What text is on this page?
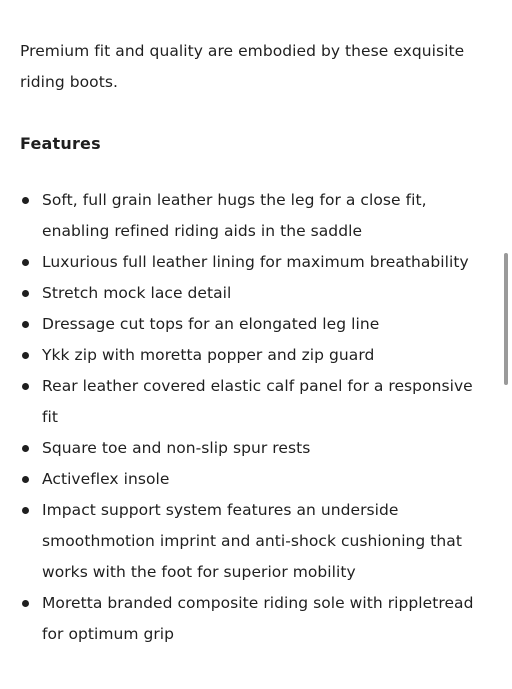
Premium fit and quality are embodied by these exquisite riding boots.

Features
Soft, full grain leather hugs the leg for a close fit, enabling refined riding aids in the saddle
Luxurious full leather lining for maximum breathability
Stretch mock lace detail
Dressage cut tops for an elongated leg line
Ykk zip with moretta popper and zip guard
Rear leather covered elastic calf panel for a responsive fit
Square toe and non-slip spur rests
Activeflex insole
Impact support system features an underside smoothmotion imprint and anti-shock cushioning that works with the foot for superior mobility
Moretta branded composite riding sole with rippletread for optimum grip
